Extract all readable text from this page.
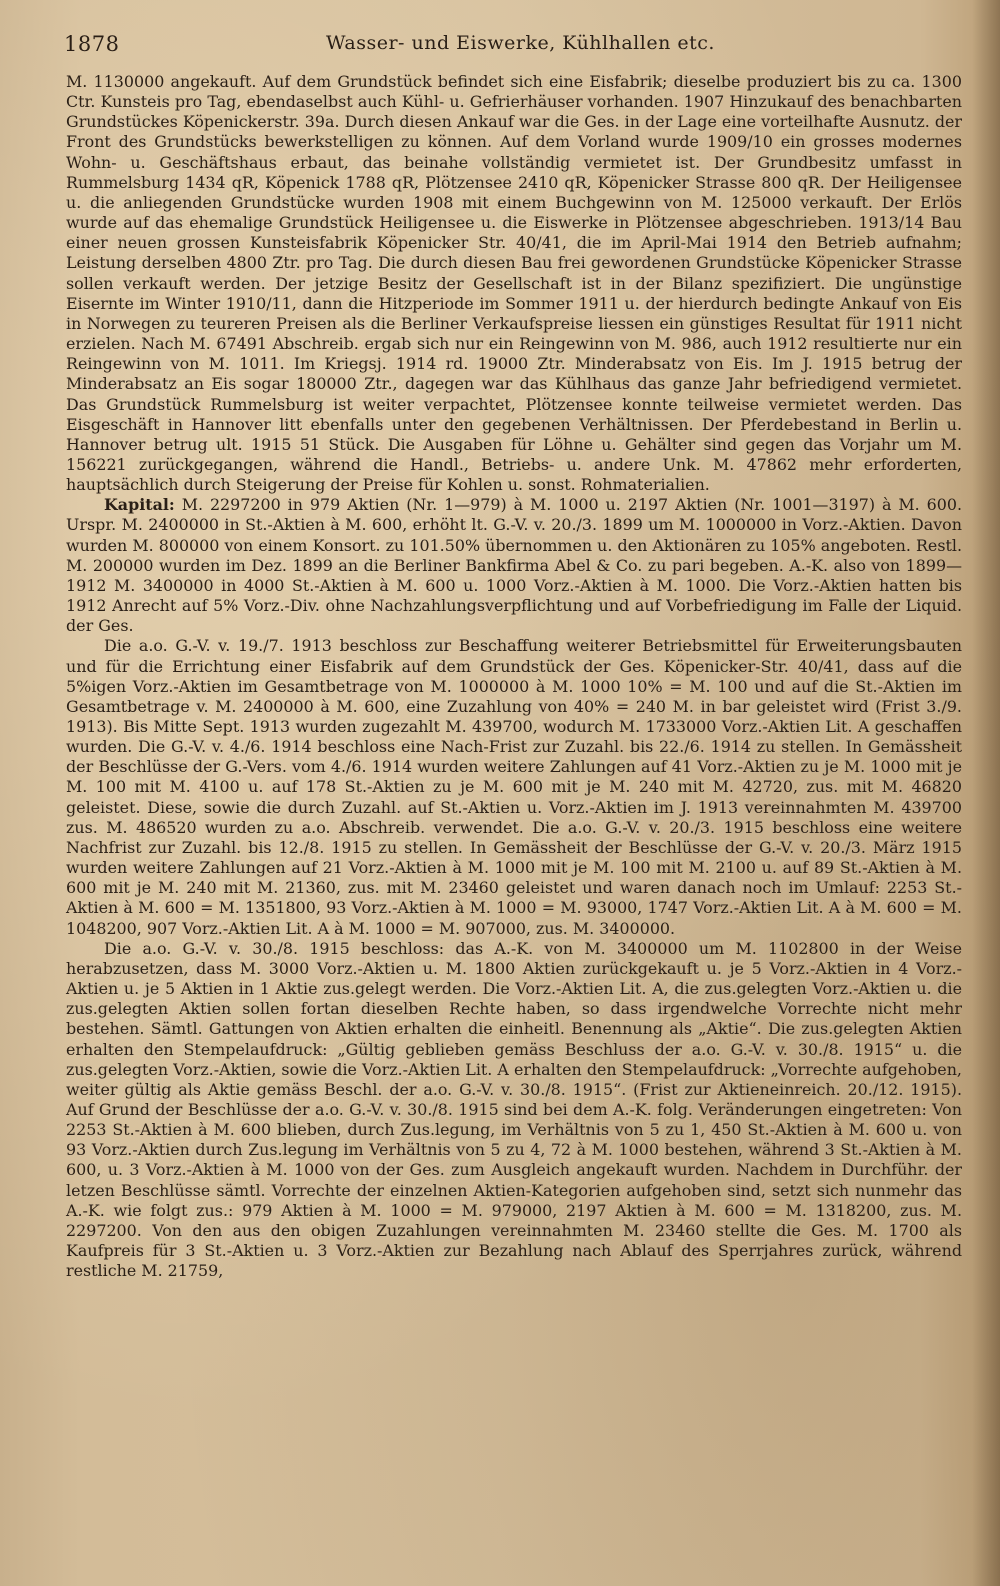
1878	Wasser- und Eiswerke, Kühlhallen etc.

M. 1130000 angekauft. Auf dem Grundstück befindet sich eine Eisfabrik; dieselbe produziert bis zu ca. 1300 Ctr. Kunsteis pro Tag, ebendaselbst auch Kühl- u. Gefrierhäuser vorhanden. 1907 Hinzukauf des benachbarten Grundstückes Köpenickerstr. 39a. Durch diesen Ankauf war die Ges. in der Lage eine vorteilhafte Ausnutz. der Front des Grundstücks bewerkstelligen zu können. Auf dem Vorland wurde 1909/10 ein grosses modernes Wohn- u. Geschäftshaus erbaut, das beinahe vollständig vermietet ist. Der Grundbesitz umfasst in Rummelsburg 1434 qR, Köpenick 1788 qR, Plötzensee 2410 qR, Köpenicker Strasse 800 qR. Der Heiligensee u. die anliegenden Grundstücke wurden 1908 mit einem Buchgewinn von M. 125000 verkauft. Der Erlös wurde auf das ehemalige Grundstück Heiligensee u. die Eiswerke in Plötzensee abgeschrieben. 1913/14 Bau einer neuen grossen Kunsteisfabrik Köpenicker Str. 40/41, die im April-Mai 1914 den Betrieb aufnahm; Leistung derselben 4800 Ztr. pro Tag. Die durch diesen Bau frei gewordenen Grundstücke Köpenicker Strasse sollen verkauft werden. Der jetzige Besitz der Gesellschaft ist in der Bilanz spezifiziert. Die ungünstige Eisernte im Winter 1910/11, dann die Hitzperiode im Sommer 1911 u. der hierdurch bedingte Ankauf von Eis in Norwegen zu teureren Preisen als die Berliner Verkaufspreise liessen ein günstiges Resultat für 1911 nicht erzielen. Nach M. 67491 Abschreib. ergab sich nur ein Reingewinn von M. 986, auch 1912 resultierte nur ein Reingewinn von M. 1011. Im Kriegsj. 1914 rd. 19000 Ztr. Minderabsatz von Eis. Im J. 1915 betrug der Minderabsatz an Eis sogar 180000 Ztr., dagegen war das Kühlhaus das ganze Jahr befriedigend vermietet. Das Grundstück Rummelsburg ist weiter verpachtet, Plötzensee konnte teilweise vermietet werden. Das Eisgeschäft in Hannover litt ebenfalls unter den gegebenen Verhältnissen. Der Pferdebestand in Berlin u. Hannover betrug ult. 1915 51 Stück. Die Ausgaben für Löhne u. Gehälter sind gegen das Vorjahr um M. 156221 zurückgegangen, während die Handl., Betriebs- u. andere Unk. M. 47862 mehr erforderten, hauptsächlich durch Steigerung der Preise für Kohlen u. sonst. Rohmaterialien.

Kapital: M. 2297200 in 979 Aktien (Nr. 1—979) à M. 1000 u. 2197 Aktien (Nr. 1001—3197) à M. 600. Urspr. M. 2400000 in St.-Aktien à M. 600, erhöht lt. G.-V. v. 20./3. 1899 um M. 1000000 in Vorz.-Aktien. Davon wurden M. 800000 von einem Konsort. zu 101.50% übernommen u. den Aktionären zu 105% angeboten. Restl. M. 200000 wurden im Dez. 1899 an die Berliner Bankfirma Abel & Co. zu pari begeben. A.-K. also von 1899—1912 M. 3400000 in 4000 St.-Aktien à M. 600 u. 1000 Vorz.-Aktien à M. 1000. Die Vorz.-Aktien hatten bis 1912 Anrecht auf 5% Vorz.-Div. ohne Nachzahlungsverpflichtung und auf Vorbefriedigung im Falle der Liquid. der Ges.

Die a.o. G.-V. v. 19./7. 1913 beschloss zur Beschaffung weiterer Betriebsmittel für Erweiterungsbauten und für die Errichtung einer Eisfabrik auf dem Grundstück der Ges. Köpenicker-Str. 40/41, dass auf die 5%igen Vorz.-Aktien im Gesamtbetrage von M. 1000000 à M. 1000 10% = M. 100 und auf die St.-Aktien im Gesamtbetrage v. M. 2400000 à M. 600, eine Zuzahlung von 40% = 240 M. in bar geleistet wird (Frist 3./9. 1913). Bis Mitte Sept. 1913 wurden zugezahlt M. 439700, wodurch M. 1733000 Vorz.-Aktien Lit. A geschaffen wurden. Die G.-V. v. 4./6. 1914 beschloss eine Nach-Frist zur Zuzahl. bis 22./6. 1914 zu stellen. In Gemässheit der Beschlüsse der G.-Vers. vom 4./6. 1914 wurden weitere Zahlungen auf 41 Vorz.-Aktien zu je M. 1000 mit je M. 100 mit M. 4100 u. auf 178 St.-Aktien zu je M. 600 mit je M. 240 mit M. 42720, zus. mit M. 46820 geleistet. Diese, sowie die durch Zuzahl. auf St.-Aktien u. Vorz.-Aktien im J. 1913 vereinnahmten M. 439700 zus. M. 486520 wurden zu a.o. Abschreib. verwendet. Die a.o. G.-V. v. 20./3. 1915 beschloss eine weitere Nachfrist zur Zuzahl. bis 12./8. 1915 zu stellen. In Gemässheit der Beschlüsse der G.-V. v. 20./3. März 1915 wurden weitere Zahlungen auf 21 Vorz.-Aktien à M. 1000 mit je M. 100 mit M. 2100 u. auf 89 St.-Aktien à M. 600 mit je M. 240 mit M. 21360, zus. mit M. 23460 geleistet und waren danach noch im Umlauf: 2253 St.-Aktien à M. 600 = M. 1351800, 93 Vorz.-Aktien à M. 1000 = M. 93000, 1747 Vorz.-Aktien Lit. A à M. 600 = M. 1048200, 907 Vorz.-Aktien Lit. A à M. 1000 = M. 907000, zus. M. 3400000.

Die a.o. G.-V. v. 30./8. 1915 beschloss: das A.-K. von M. 3400000 um M. 1102800 in der Weise herabzusetzen, dass M. 3000 Vorz.-Aktien u. M. 1800 Aktien zurückgekauft u. je 5 Vorz.-Aktien in 4 Vorz.-Aktien u. je 5 Aktien in 1 Aktie zus.gelegt werden. Die Vorz.-Aktien Lit. A, die zus.gelegten Vorz.-Aktien u. die zus.gelegten Aktien sollen fortan dieselben Rechte haben, so dass irgendwelche Vorrechte nicht mehr bestehen. Sämtl. Gattungen von Aktien erhalten die einheitl. Benennung als „Aktie“. Die zus.gelegten Aktien erhalten den Stempelaufdruck: „Gültig geblieben gemäss Beschluss der a.o. G.-V. v. 30./8. 1915“ u. die zus.gelegten Vorz.-Aktien, sowie die Vorz.-Aktien Lit. A erhalten den Stempelaufdruck: „Vorrechte aufgehoben, weiter gültig als Aktie gemäss Beschl. der a.o. G.-V. v. 30./8. 1915“. (Frist zur Aktieneinreich. 20./12. 1915). Auf Grund der Beschlüsse der a.o. G.-V. v. 30./8. 1915 sind bei dem A.-K. folg. Veränderungen eingetreten: Von 2253 St.-Aktien à M. 600 blieben, durch Zus.legung, im Verhältnis von 5 zu 1, 450 St.-Aktien à M. 600 u. von 93 Vorz.-Aktien durch Zus.legung im Verhältnis von 5 zu 4, 72 à M. 1000 bestehen, während 3 St.-Aktien à M. 600, u. 3 Vorz.-Aktien à M. 1000 von der Ges. zum Ausgleich angekauft wurden. Nachdem in Durchführ. der letzen Beschlüsse sämtl. Vorrechte der einzelnen Aktien-Kategorien aufgehoben sind, setzt sich nunmehr das A.-K. wie folgt zus.: 979 Aktien à M. 1000 = M. 979000, 2197 Aktien à M. 600 = M. 1318200, zus. M. 2297200. Von den aus den obigen Zuzahlungen vereinnahmten M. 23460 stellte die Ges. M. 1700 als Kaufpreis für 3 St.-Aktien u. 3 Vorz.-Aktien zur Bezahlung nach Ablauf des Sperrjahres zurück, während restliche M. 21759,
